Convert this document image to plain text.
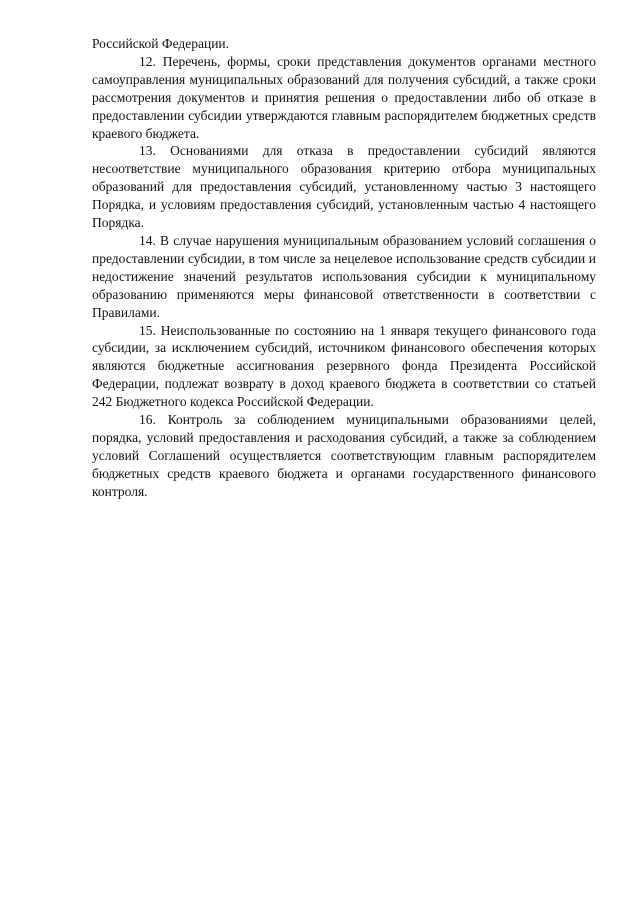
Российской Федерации.

12. Перечень, формы, сроки представления документов органами местного самоуправления муниципальных образований для получения субсидий, а также сроки рассмотрения документов и принятия решения о предоставлении либо об отказе в предоставлении субсидии утверждаются главным распорядителем бюджетных средств краевого бюджета.

13. Основаниями для отказа в предоставлении субсидий являются несоответствие муниципального образования критерию отбора муниципальных образований для предоставления субсидий, установленному частью 3 настоящего Порядка, и условиям предоставления субсидий, установленным частью 4 настоящего Порядка.

14. В случае нарушения муниципальным образованием условий соглашения о предоставлении субсидии, в том числе за нецелевое использование средств субсидии и недостижение значений результатов использования субсидии к муниципальному образованию применяются меры финансовой ответственности в соответствии с Правилами.

15. Неиспользованные по состоянию на 1 января текущего финансового года субсидии, за исключением субсидий, источником финансового обеспечения которых являются бюджетные ассигнования резервного фонда Президента Российской Федерации, подлежат возврату в доход краевого бюджета в соответствии со статьей 242 Бюджетного кодекса Российской Федерации.

16. Контроль за соблюдением муниципальными образованиями целей, порядка, условий предоставления и расходования субсидий, а также за соблюдением условий Соглашений осуществляется соответствующим главным распорядителем бюджетных средств краевого бюджета и органами государственного финансового контроля.
